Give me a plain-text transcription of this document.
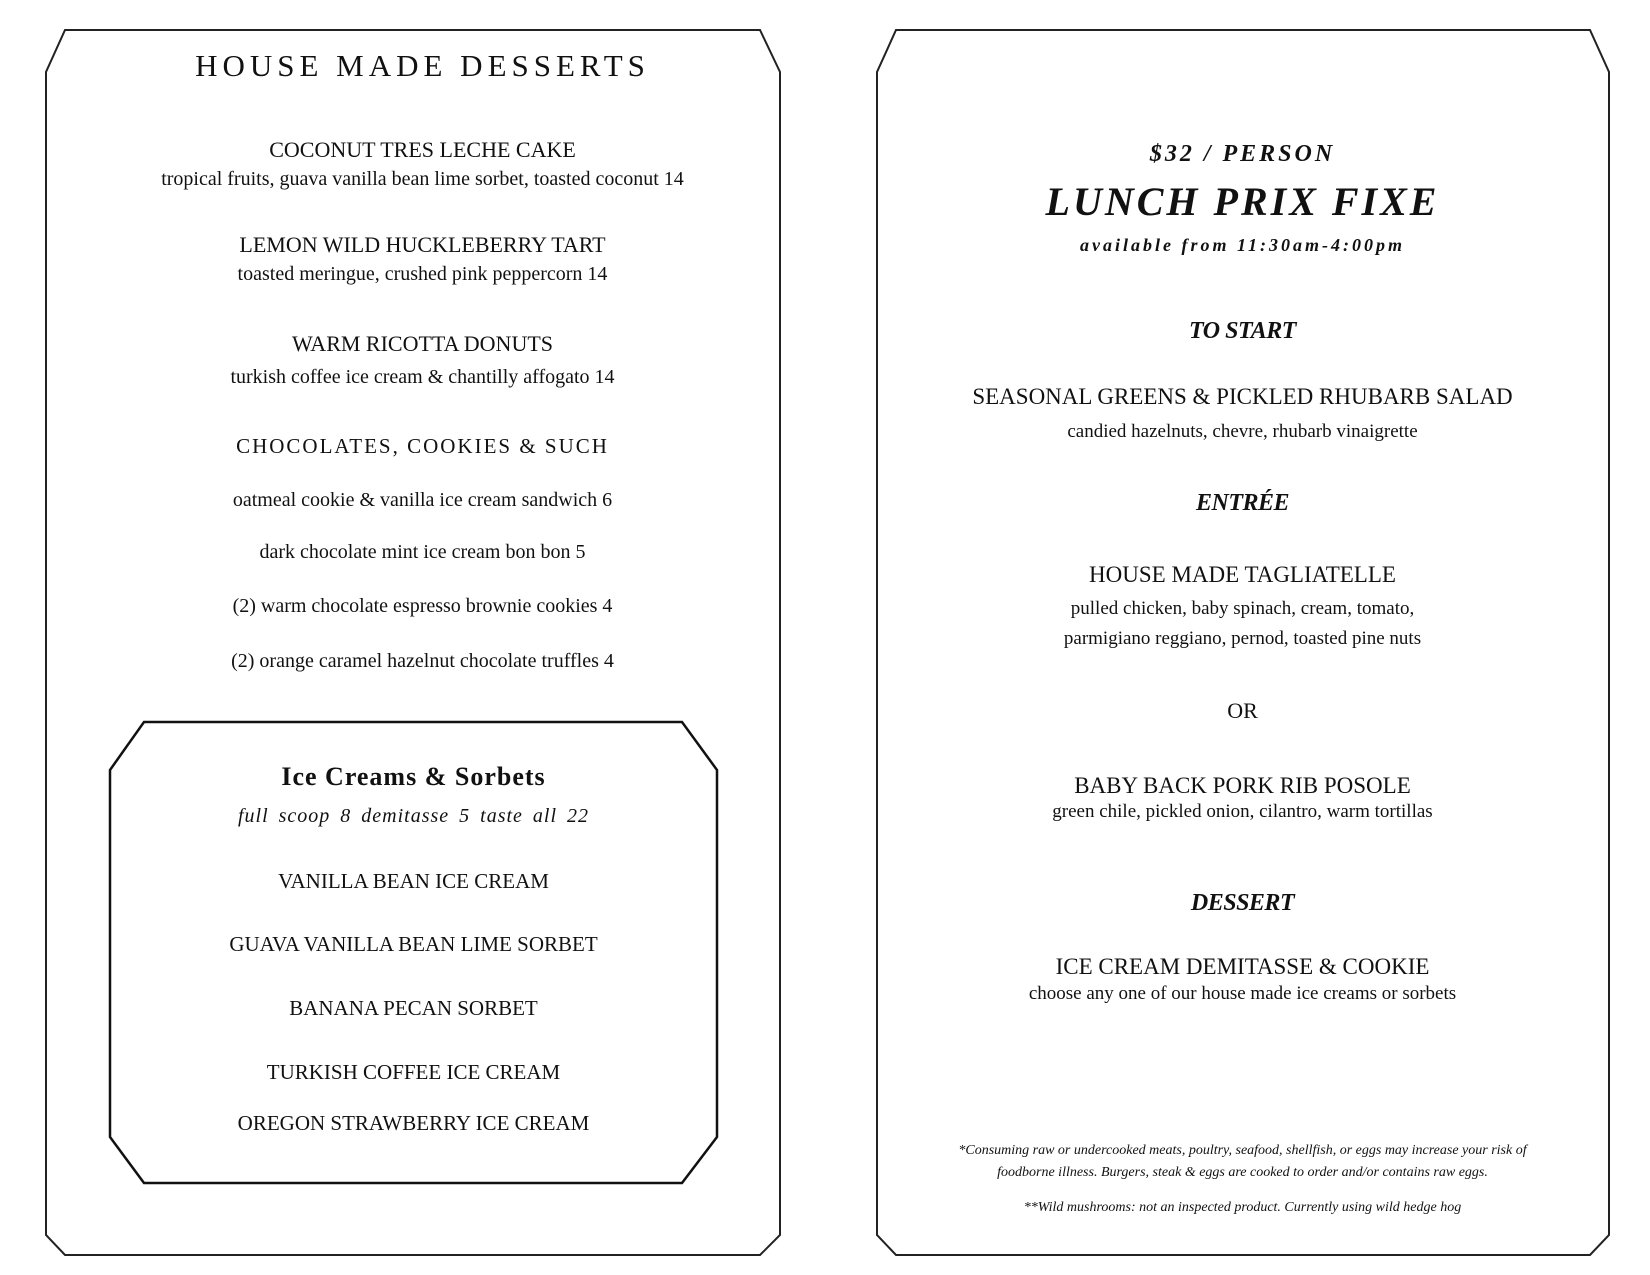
HOUSE MADE DESSERTS
COCONUT TRES LECHE CAKE
tropical fruits, guava vanilla bean lime sorbet, toasted coconut 14
LEMON WILD HUCKLEBERRY TART
toasted meringue, crushed pink peppercorn 14
WARM RICOTTA DONUTS
turkish coffee ice cream & chantilly affogato 14
CHOCOLATES, COOKIES & SUCH
oatmeal cookie & vanilla ice cream sandwich 6
dark chocolate mint ice cream bon bon 5
(2) warm chocolate espresso brownie cookies 4
(2) orange caramel hazelnut chocolate truffles 4
Ice Creams & Sorbets
full scoop 8 demitasse 5 taste all 22
VANILLA BEAN ICE CREAM
GUAVA VANILLA BEAN LIME SORBET
BANANA PECAN SORBET
TURKISH COFFEE ICE CREAM
OREGON STRAWBERRY ICE CREAM
$32 / PERSON
LUNCH PRIX FIXE
available from 11:30am-4:00pm
TO START
SEASONAL GREENS & PICKLED RHUBARB SALAD
candied hazelnuts, chevre, rhubarb vinaigrette
ENTRÉE
HOUSE MADE TAGLIATELLE
pulled chicken, baby spinach, cream, tomato,
parmigiano reggiano, pernod, toasted pine nuts
OR
BABY BACK PORK RIB POSOLE
green chile, pickled onion, cilantro, warm tortillas
DESSERT
ICE CREAM DEMITASSE & COOKIE
choose any one of our house made ice creams or sorbets
*Consuming raw or undercooked meats, poultry, seafood, shellfish, or eggs may increase your risk of
foodborne illness. Burgers, steak & eggs are cooked to order and/or contains raw eggs.
**Wild mushrooms: not an inspected product. Currently using wild hedge hog
